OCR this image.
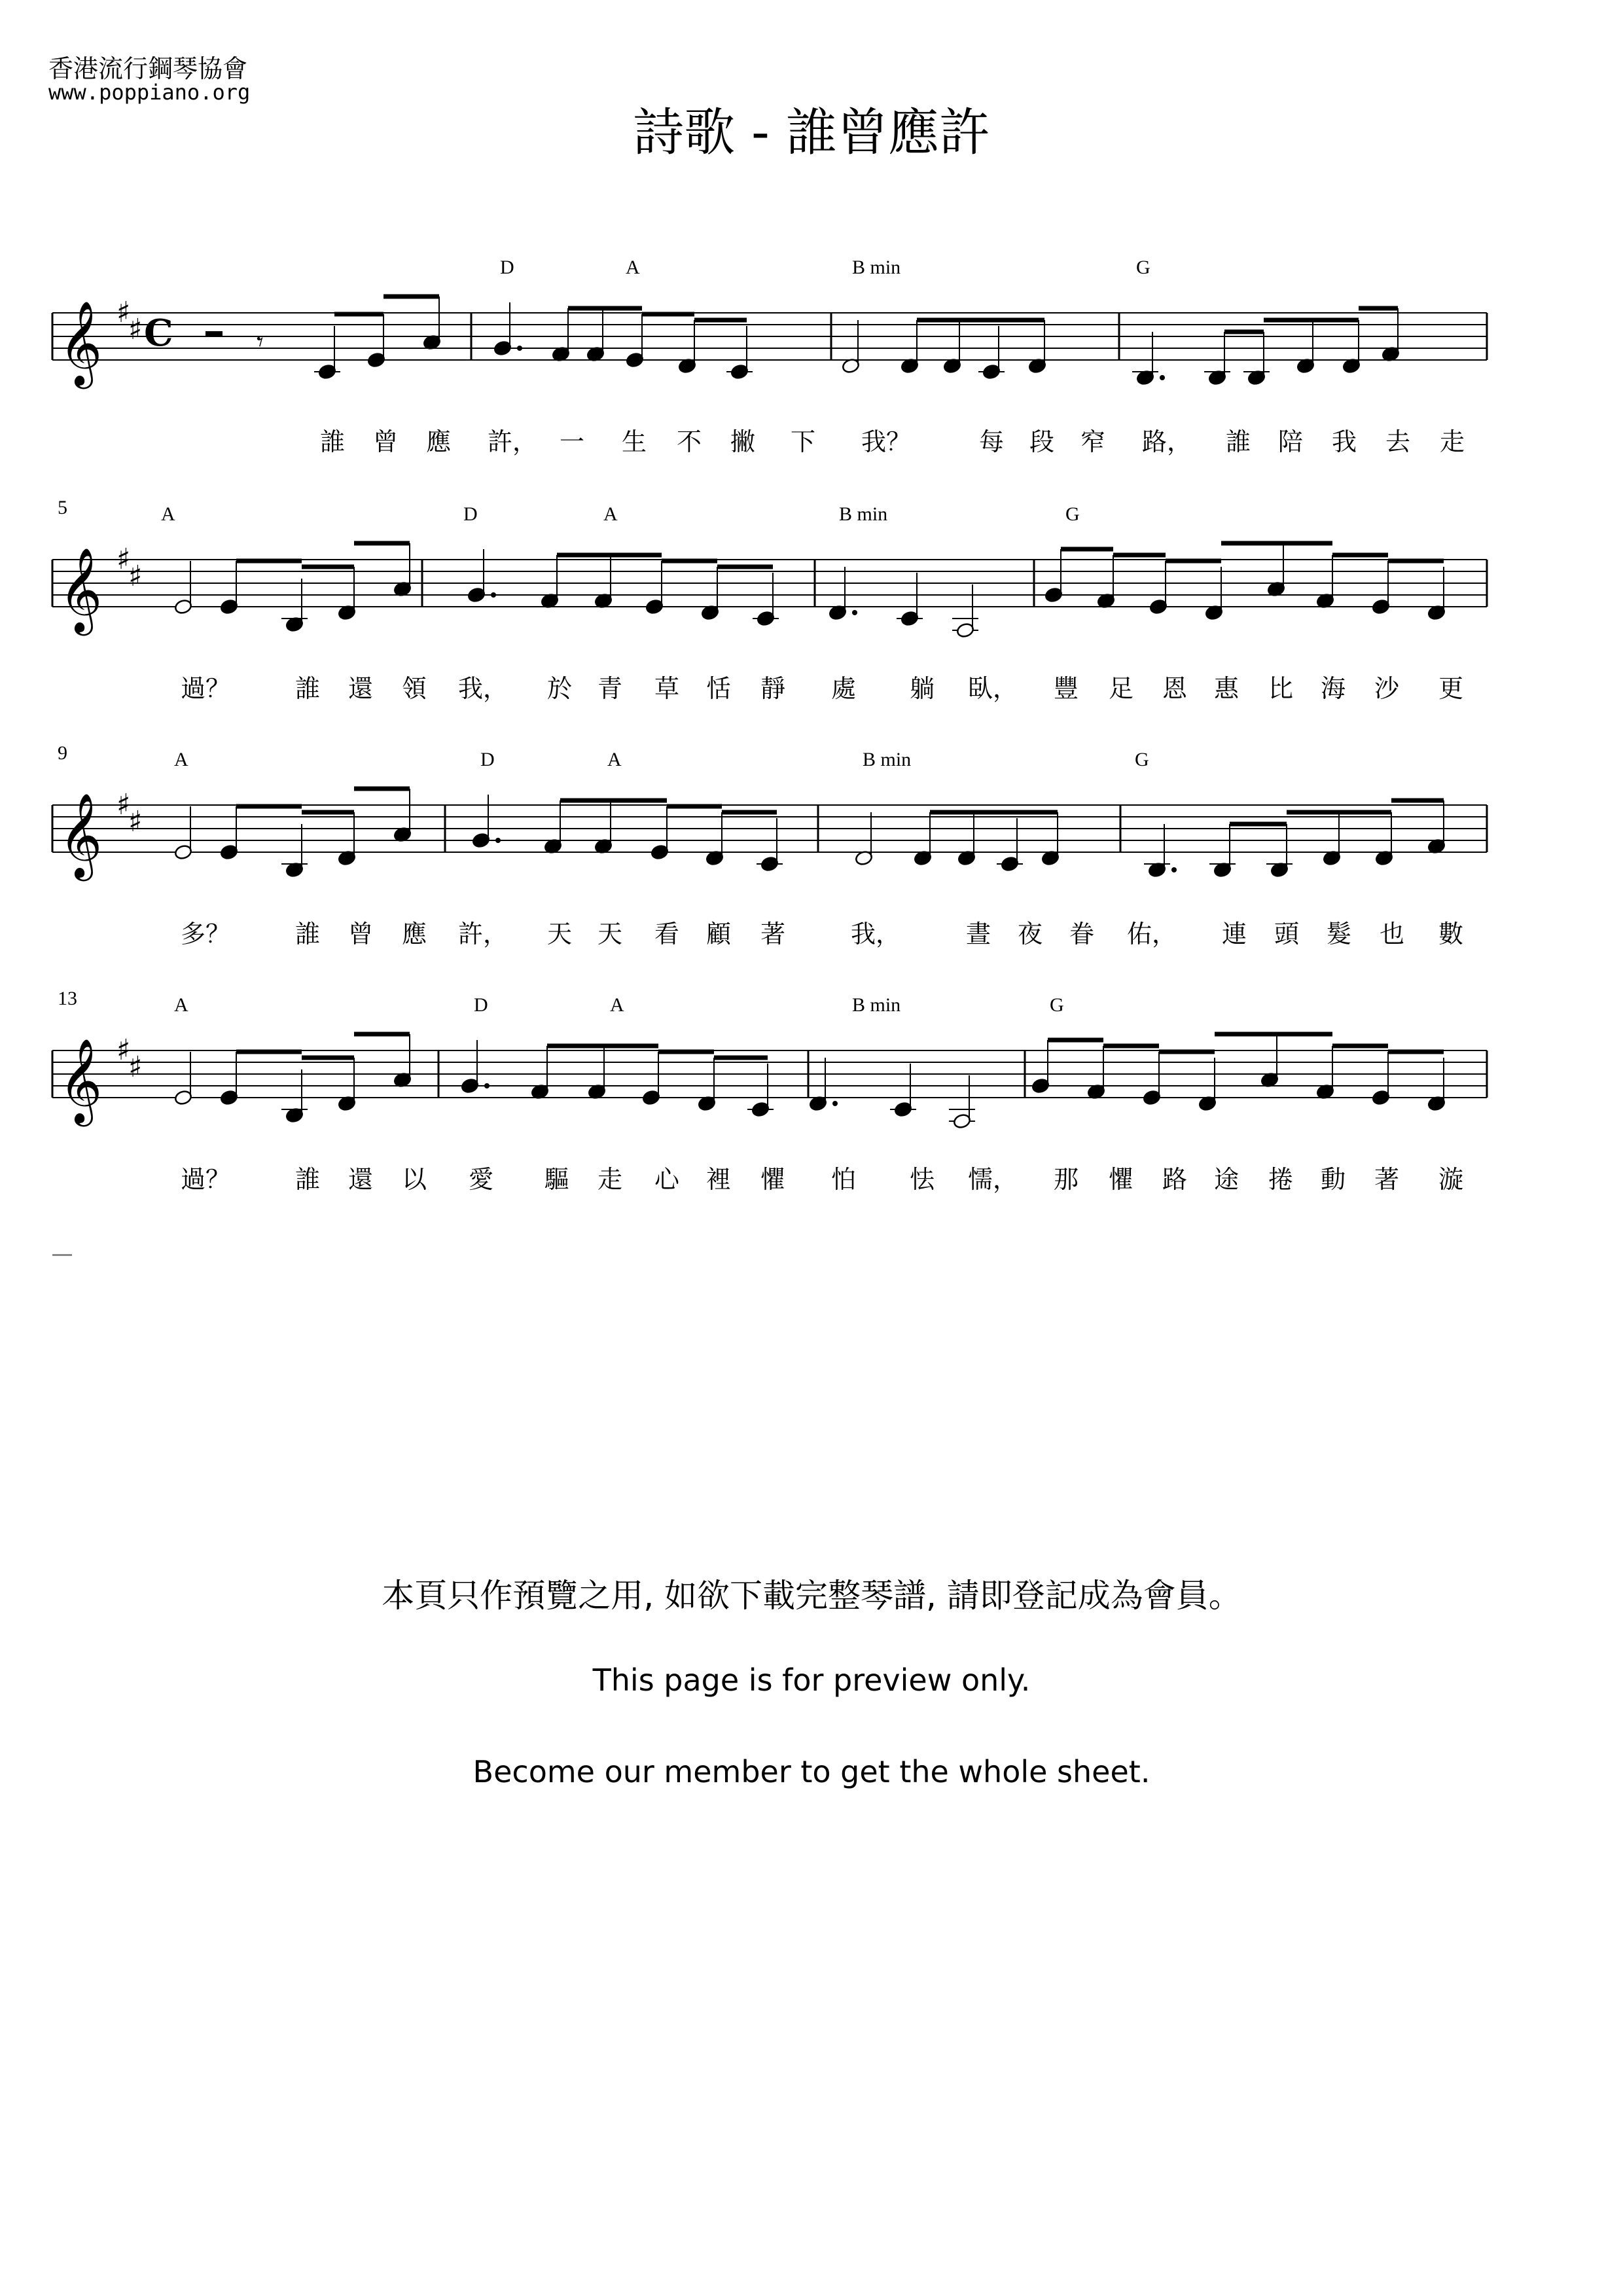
香港流行鋼琴協會
www.poppiano.org
詩歌 - 誰曾應許
𝄞 ♯
♯ C	𝄾
D	A	B min	G
誰 曾 應 許， 一 生 不 撇 下 我？	每 段 窄 路， 誰 陪 我 去 走
𝄞 ♯
♯
5	A	D	A	B min	G
過？	誰 還 領 我， 於 青 草 恬 靜 處 躺 臥， 豐 足 恩 惠 比 海 沙 更
𝄞 ♯
♯
9	A	D	A	B min	G
多？	誰 曾 應 許， 天 天 看 顧 著	我，	晝 夜 眷 佑， 連 頭 髮 也 數
𝄞 ♯
♯
13	A	D	A	B min	G
過？	誰 還 以 愛 驅 走 心 裡 懼 怕 怯 懦， 那 懼 路 途 捲 動 著 漩
本頁只作預覽之用, 如欲下載完整琴譜, 請即登記成為會員。
This page is for preview only.
Become our member to get the whole sheet.
